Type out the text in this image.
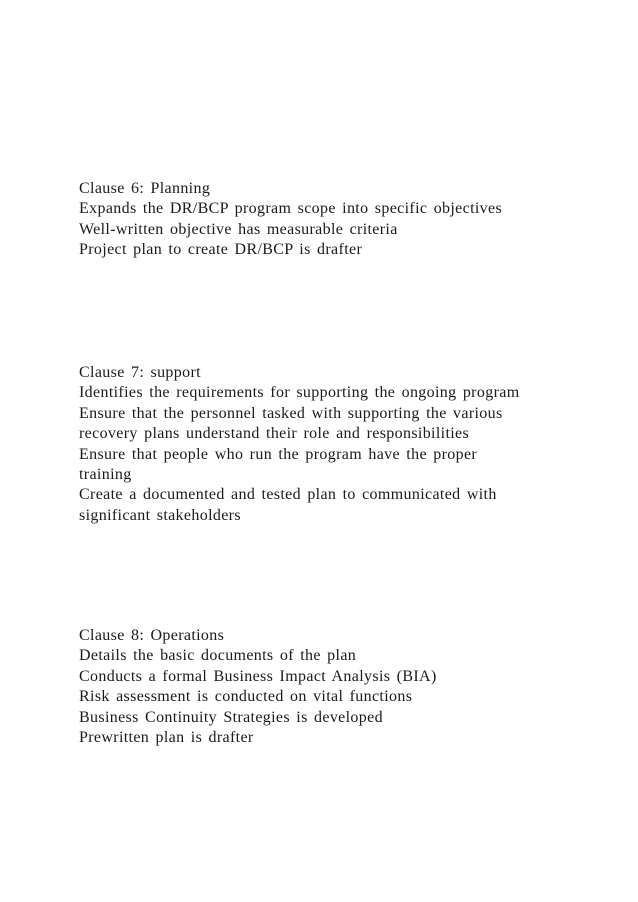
Clause 6: Planning
Expands the DR/BCP program scope into specific objectives
Well-written objective has measurable criteria
Project plan to create DR/BCP is drafter
Clause 7: support
Identifies the requirements for supporting the ongoing program
Ensure that the personnel tasked with supporting the various
recovery plans understand their role and responsibilities
Ensure that people who run the program have the proper
training
Create a documented and tested plan to communicated with
significant stakeholders
Clause 8: Operations
Details the basic documents of the plan
Conducts a formal Business Impact Analysis (BIA)
Risk assessment is conducted on vital functions
Business Continuity Strategies is developed
Prewritten plan is drafter
